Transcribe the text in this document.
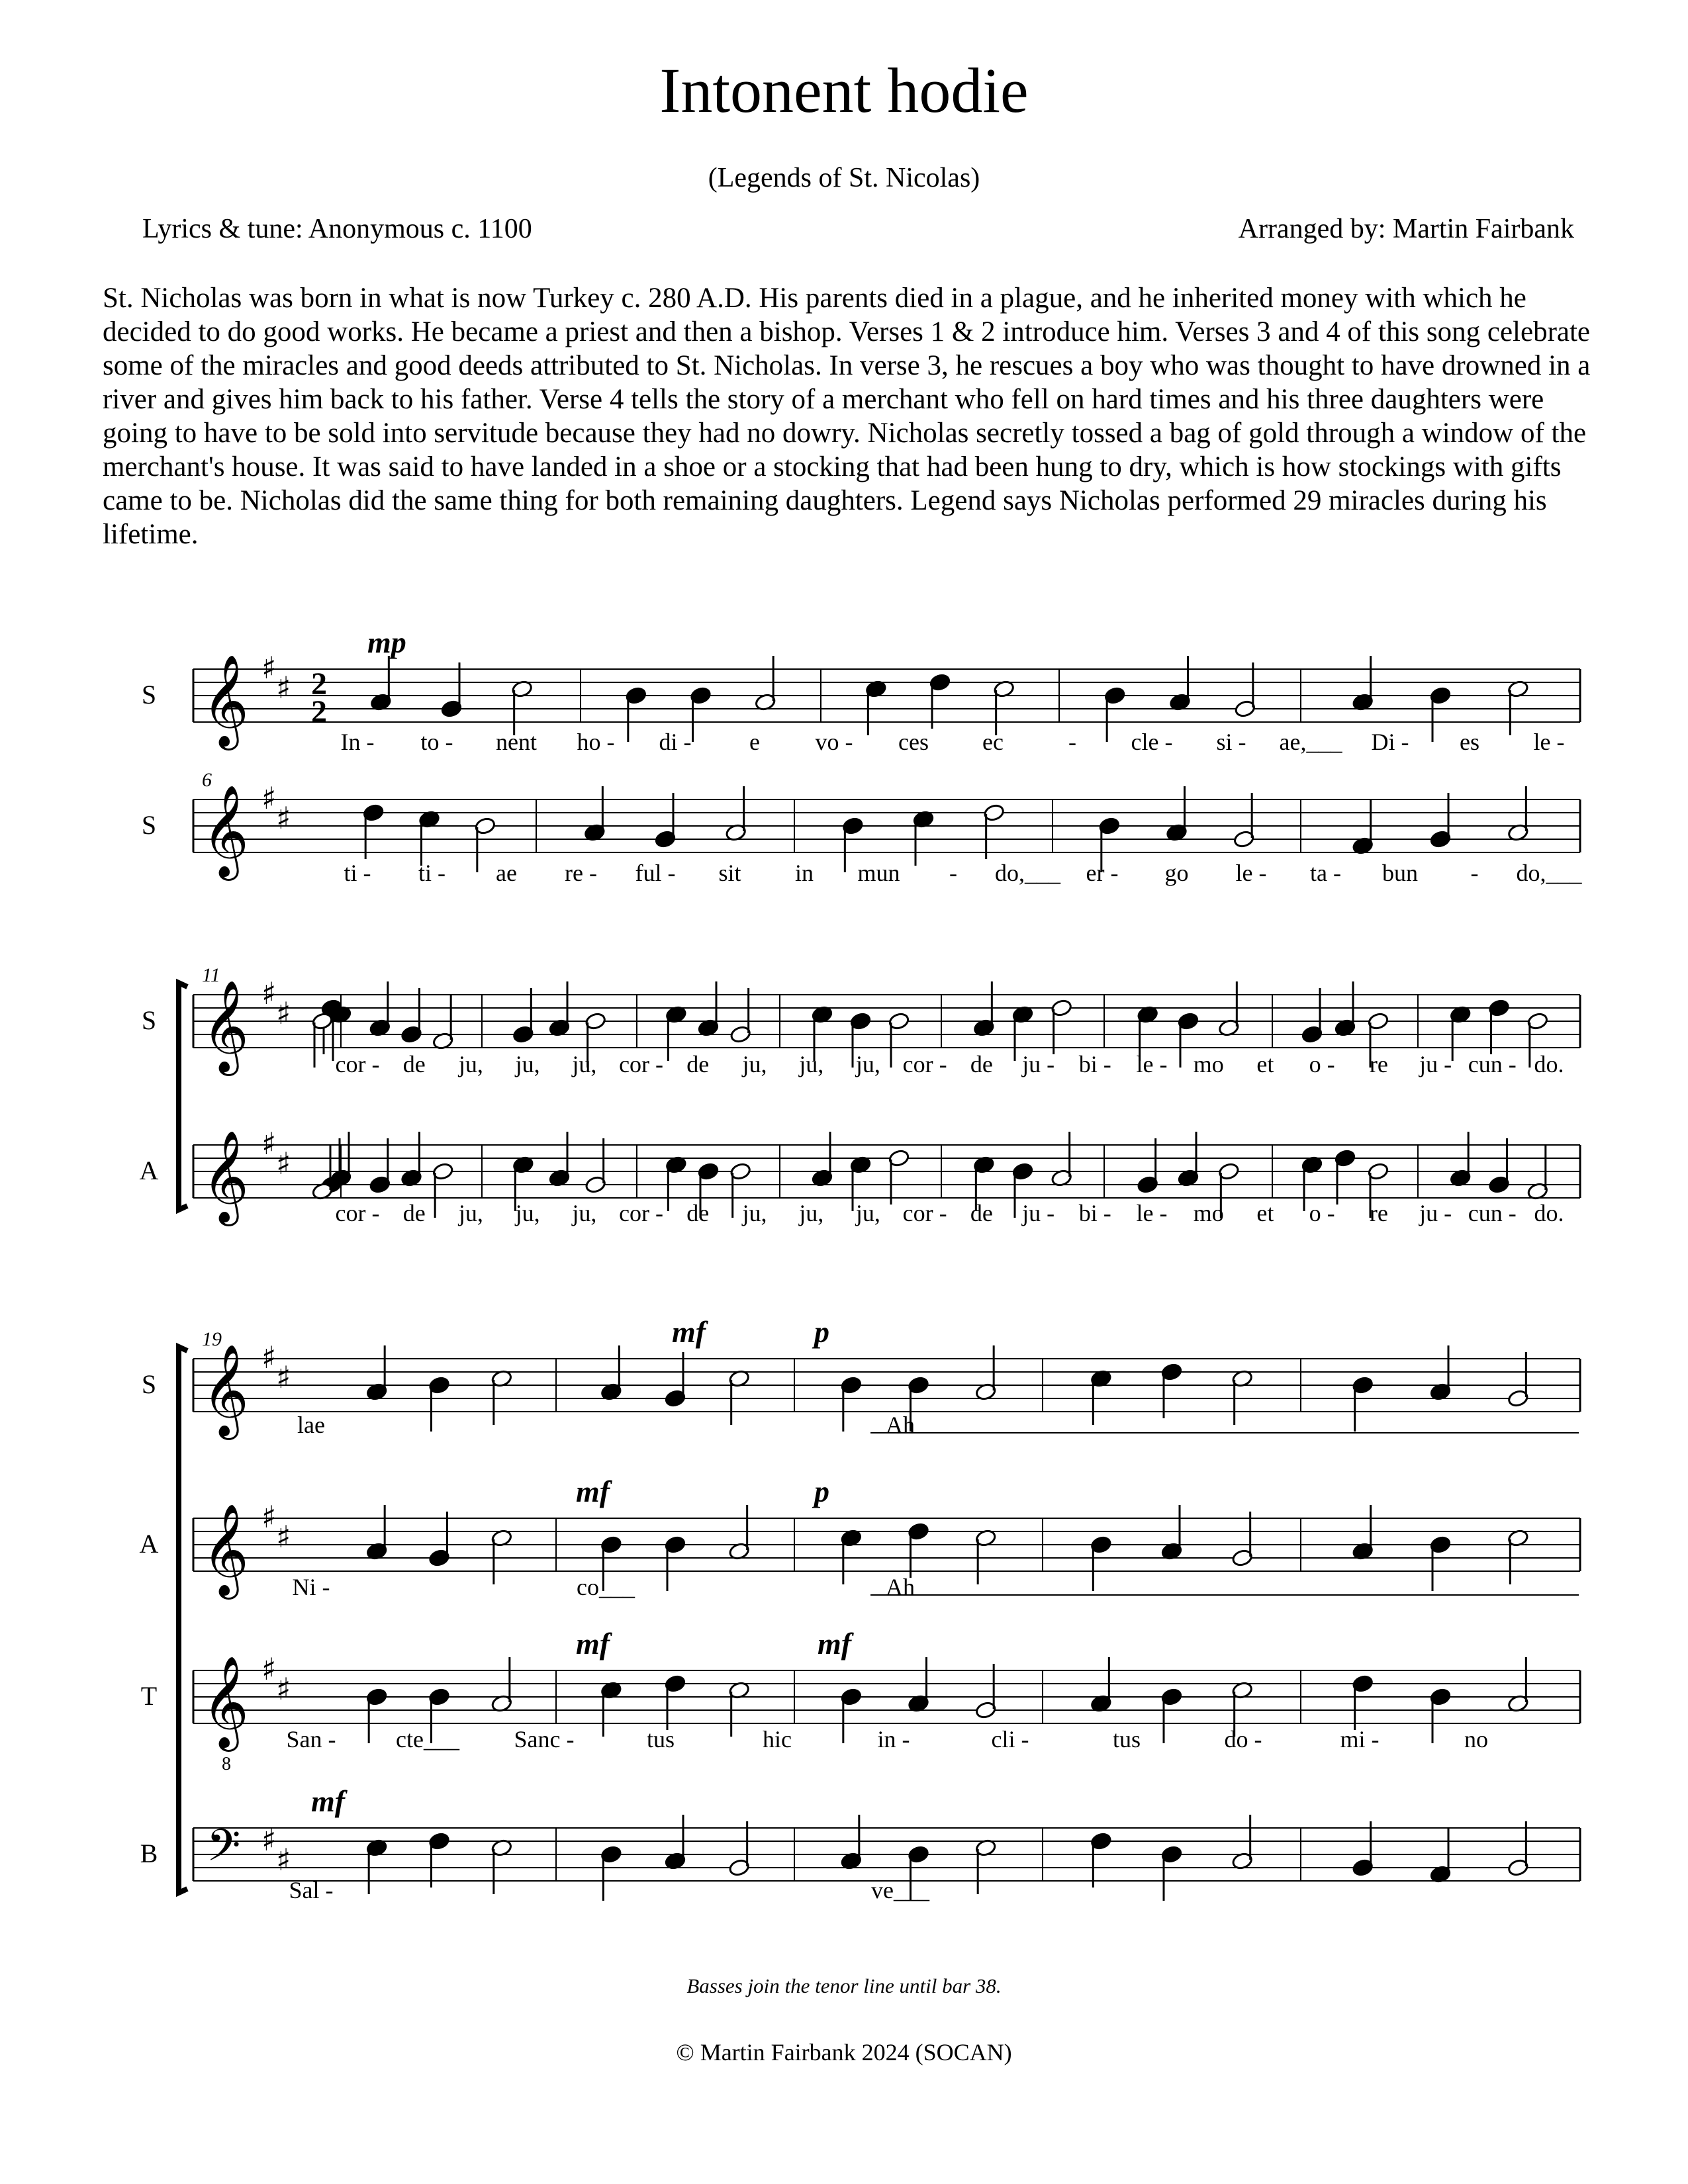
Intonent hodie
(Legends of St. Nicolas)
Lyrics & tune: Anonymous c. 1100	Arranged by: Martin Fairbank

St. Nicholas was born in what is now Turkey c. 280 A.D. His parents died in a plague, and he inherited money with which he decided to do good works. He became a priest and then a bishop. Verses 1 & 2 introduce him. Verses 3 and 4 of this song celebrate some of the miracles and good deeds attributed to St. Nicholas. In verse 3, he rescues a boy who was thought to have drowned in a river and gives him back to his father. Verse 4 tells the story of a merchant who fell on hard times and his three daughters were going to have to be sold into servitude because they had no dowry. Nicholas secretly tossed a bag of gold through a window of the merchant's house. It was said to have landed in a shoe or a stocking that had been hung to dry, which is how stockings with gifts came to be. Nicholas did the same thing for both remaining daughters. Legend says Nicholas performed 29 miracles during his lifetime.

S 𝄞 ♯
♯ 2
2
mp
In - to - nent ho - di - e vo - ces ec	- cle - si - ae,___ Di - es le -
6
S 𝄞 ♯
♯
ti - ti - ae re - ful - sit in mun - do,___ er - go le - ta - bun - do,___
11
S 𝄞 ♯
♯
cor - de ju, ju, ju, cor - de ju, ju, ju, cor - de ju - bi - le - mo et o - re ju - cun - do.
A 𝄞 ♯
♯
cor - de ju, ju, ju, cor - de ju, ju, ju, cor - de ju - bi - le - mo et o - re ju - cun - do.
19
S 𝄞 ♯
♯
mf	p
lae	Ah
A 𝄞 ♯
♯
mf	p
Ni -	co___	Ah
T 𝄞
8
♯
♯
mf	mf
San -	cte___ Sanc -	tus	hic	in -	cli -	tus	do -	mi -	no
B 𝄢 ♯
♯
mf
Sal -	ve___
Basses join the tenor line until bar 38.
© Martin Fairbank 2024 (SOCAN)
